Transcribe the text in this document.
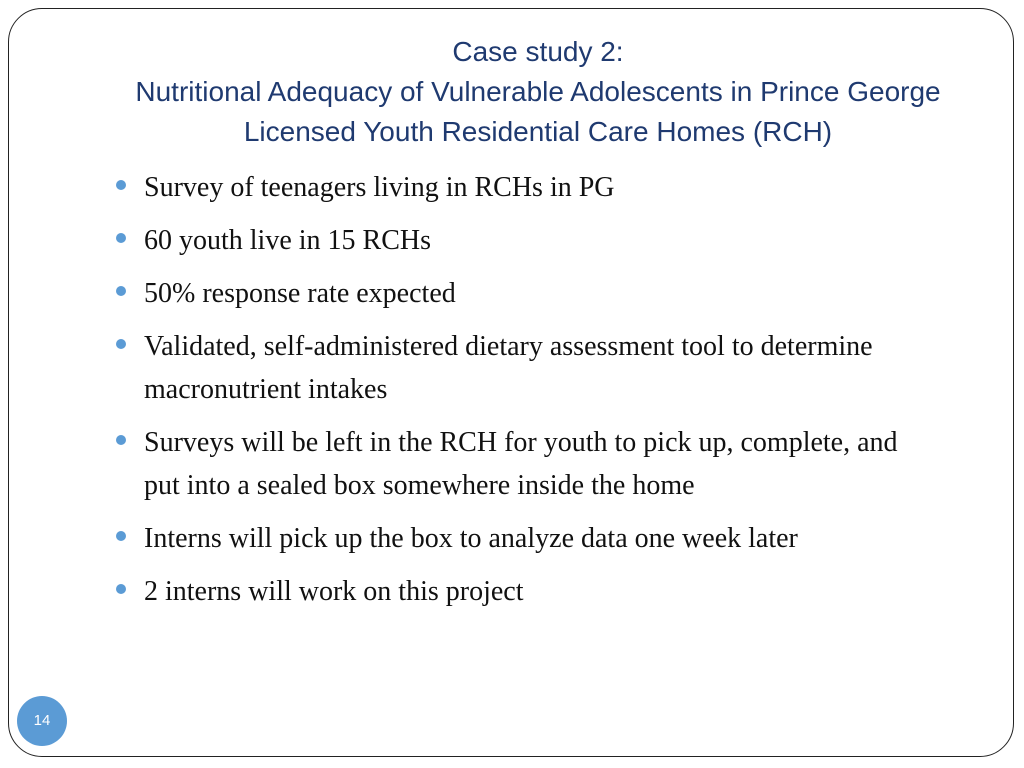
Case study 2:
Nutritional Adequacy of Vulnerable Adolescents in Prince George Licensed Youth Residential Care Homes (RCH)
Survey of teenagers living in RCHs in PG
60 youth live in 15 RCHs
50% response rate expected
Validated, self-administered dietary assessment tool to determine macronutrient intakes
Surveys will be left in the RCH for youth to pick up, complete, and put into a sealed box somewhere inside the home
Interns will pick up the box to analyze data one week later
2 interns will work on this project
14
